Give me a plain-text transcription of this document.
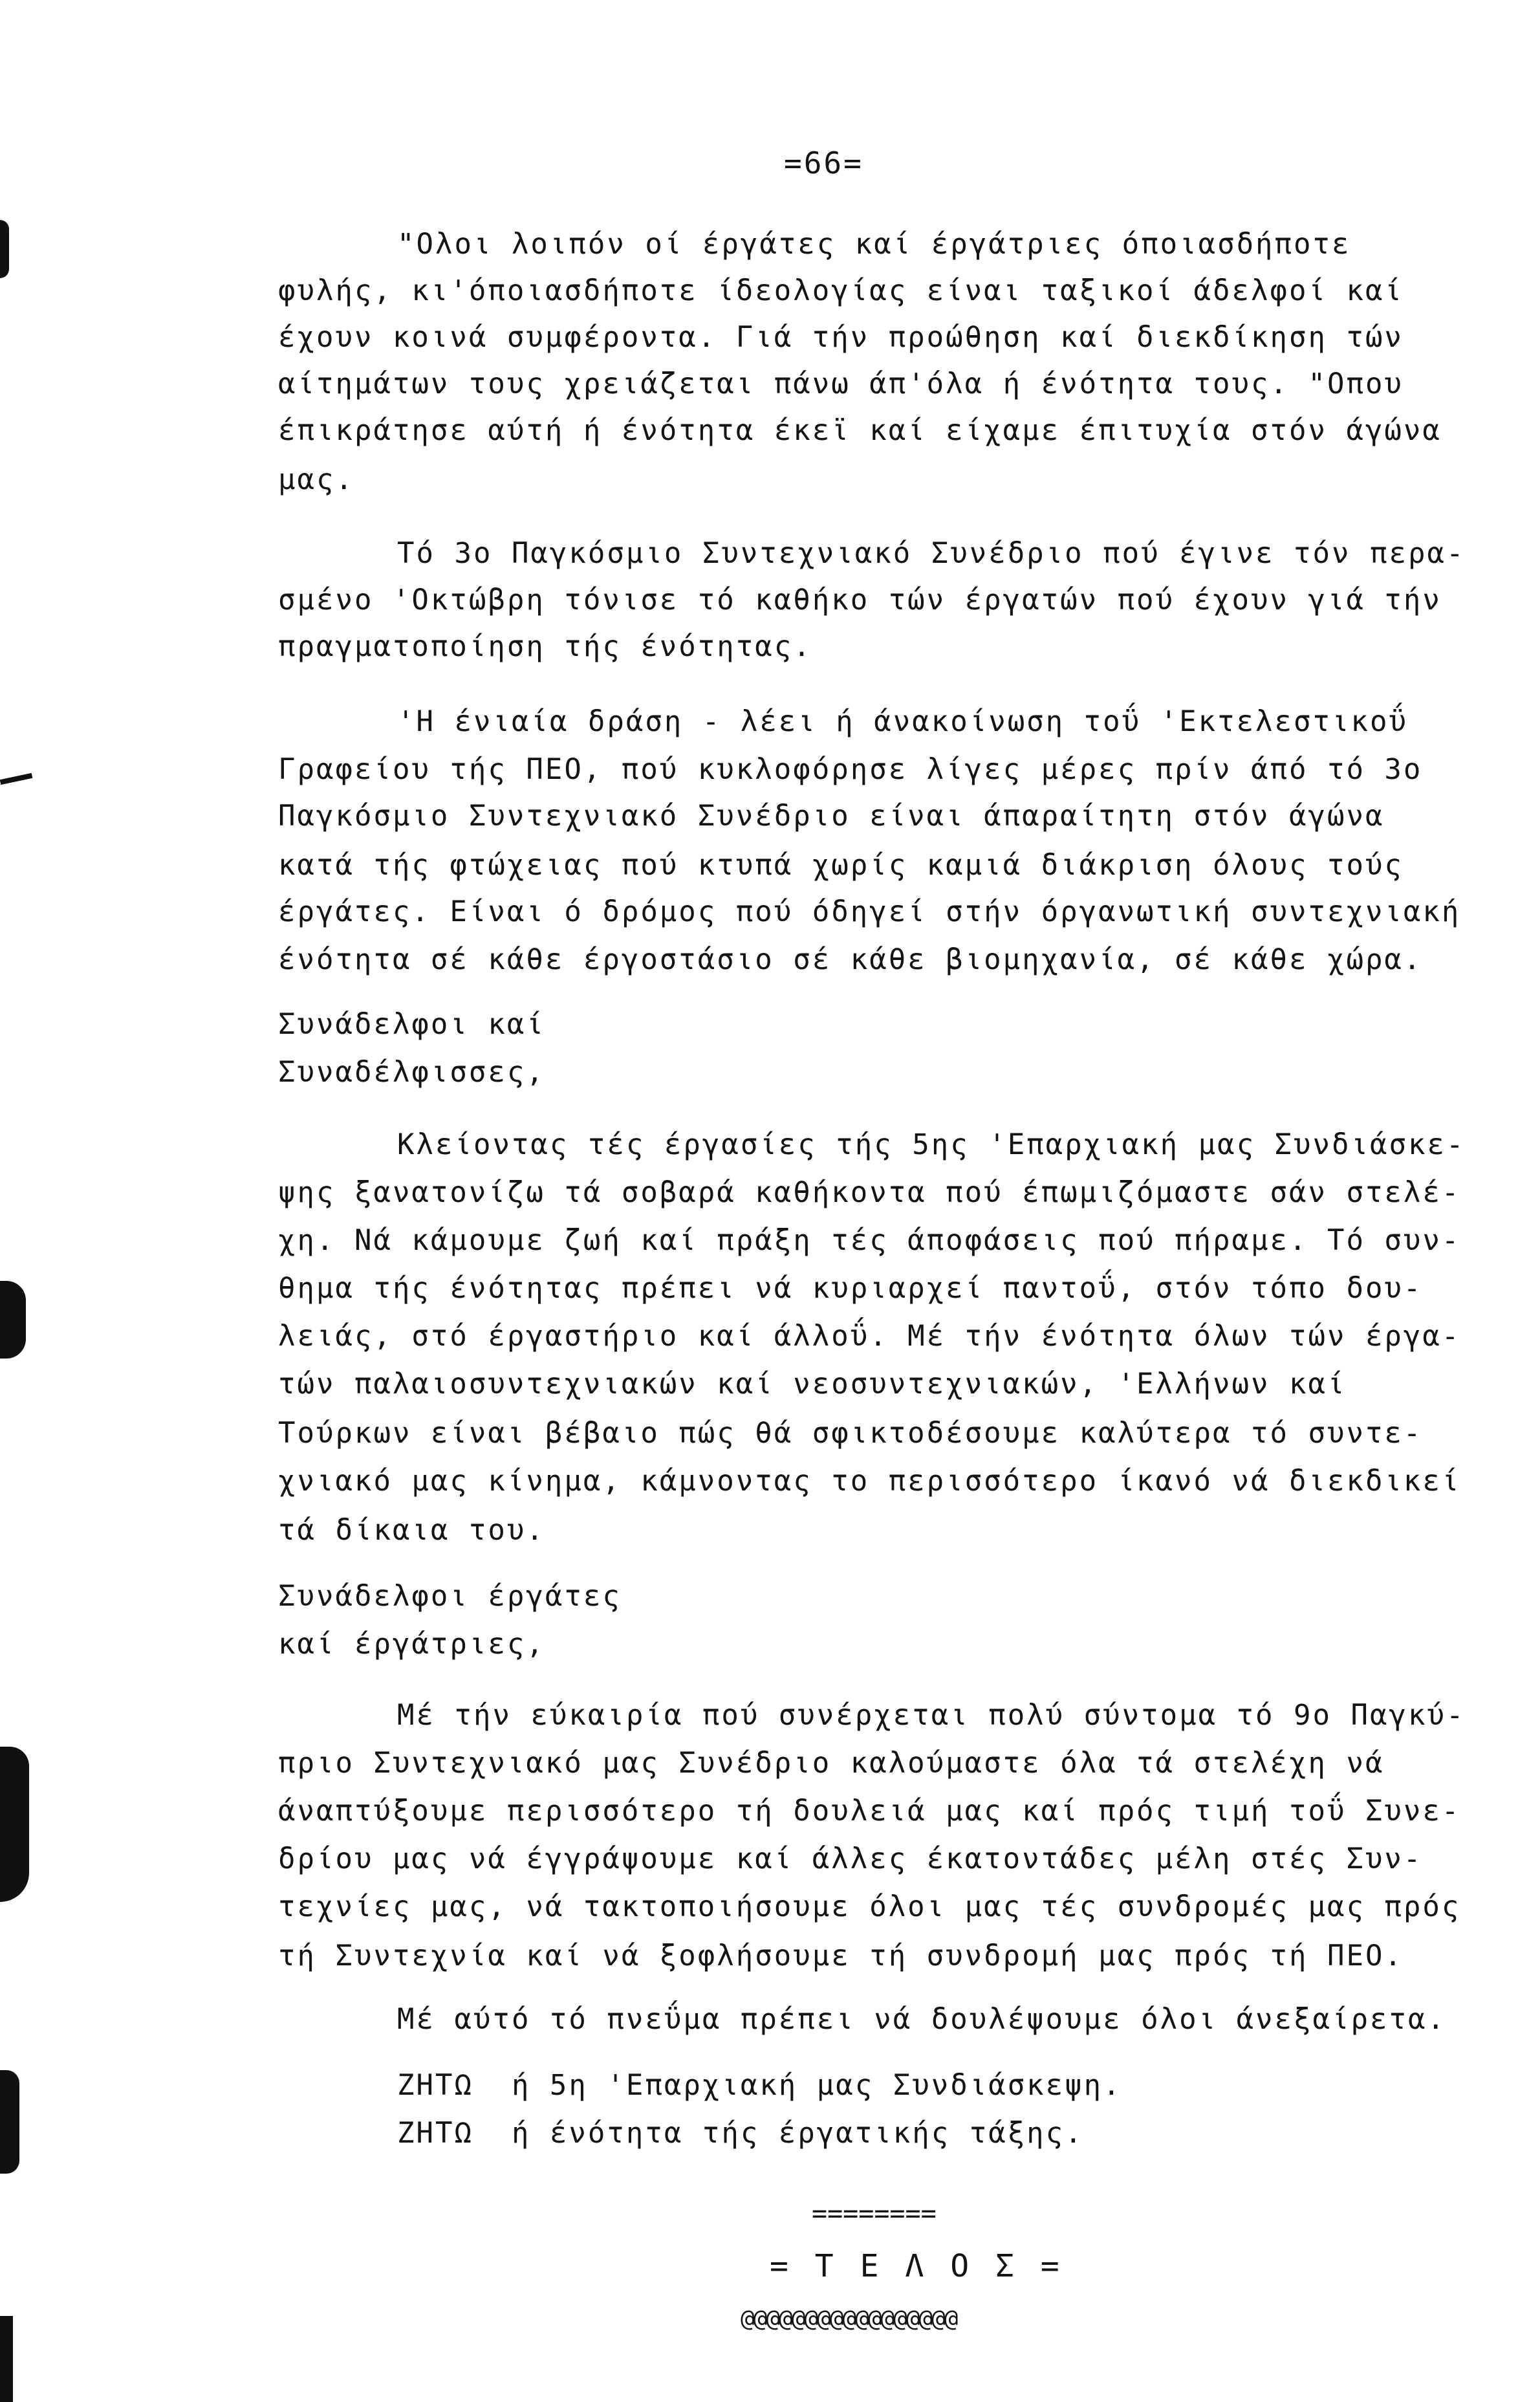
=66=
"Ολοι λοιπόν οί έργάτες καί έργάτριες όποιασδήποτε
φυλής, κι'όποιασδήποτε ίδεολογίας είναι ταξικοί άδελφοί καί
έχουν κοινά συμφέροντα. Γιά τήν προώθηση καί διεκδίκηση τών
αίτημάτων τους χρειάζεται πάνω άπ'όλα ή ένότητα τους. "Οπου
έπικράτησε αύτή ή ένότητα έκεϊ καί είχαμε έπιτυχία στόν άγώνα
μας.
Τό 3ο Παγκόσμιο Συντεχνιακό Συνέδριο πού έγινε τόν περα-
σμένο 'Οκτώβρη τόνισε τό καθήκο τών έργατών πού έχουν γιά τήν
πραγματοποίηση τής ένότητας.
'Η ένιαία δράση - λέει ή άνακοίνωση τοΰ 'Εκτελεστικοΰ
Γραφείου τής ΠΕΟ, πού κυκλοφόρησε λίγες μέρες πρίν άπό τό 3ο
Παγκόσμιο Συντεχνιακό Συνέδριο είναι άπαραίτητη στόν άγώνα
κατά τής φτώχειας πού κτυπά χωρίς καμιά διάκριση όλους τούς
έργάτες. Είναι ό δρόμος πού όδηγεί στήν όργανωτική συντεχνιακή
ένότητα σέ κάθε έργοστάσιο σέ κάθε βιομηχανία, σέ κάθε χώρα.
Συνάδελφοι καί
Συναδέλφισσες,
Κλείοντας τές έργασίες τής 5ης 'Επαρχιακή μας Συνδιάσκε-
ψης ξανατονίζω τά σοβαρά καθήκοντα πού έπωμιζόμαστε σάν στελέ-
χη. Νά κάμουμε ζωή καί πράξη τές άποφάσεις πού πήραμε. Τό συν-
θημα τής ένότητας πρέπει νά κυριαρχεί παντοΰ, στόν τόπο δου-
λειάς, στό έργαστήριο καί άλλοΰ. Μέ τήν ένότητα όλων τών έργα-
τών παλαιοσυντεχνιακών καί νεοσυντεχνιακών, 'Ελλήνων καί
Τούρκων είναι βέβαιο πώς θά σφικτοδέσουμε καλύτερα τό συντε-
χνιακό μας κίνημα, κάμνοντας το περισσότερο ίκανό νά διεκδικεί
τά δίκαια του.
Συνάδελφοι έργάτες
καί έργάτριες,
Μέ τήν εύκαιρία πού συνέρχεται πολύ σύντομα τό 9ο Παγκύ-
πριο Συντεχνιακό μας Συνέδριο καλούμαστε όλα τά στελέχη νά
άναπτύξουμε περισσότερο τή δουλειά μας καί πρός τιμή τοΰ Συνε-
δρίου μας νά έγγράψουμε καί άλλες έκατοντάδες μέλη στές Συν-
τεχνίες μας, νά τακτοποιήσουμε όλοι μας τές συνδρομές μας πρός
τή Συντεχνία καί νά ξοφλήσουμε τή συνδρομή μας πρός τή ΠΕΟ.
Μέ αύτό τό πνεΰμα πρέπει νά δουλέψουμε όλοι άνεξαίρετα.
ΖΗΤΩ  ή 5η 'Επαρχιακή μας Συνδιάσκεψη.
ΖΗΤΩ  ή ένότητα τής έργατικής τάξης.
========
= Τ Ε Λ Ο Σ =
@@@@@@@@@@@@@@@@@
